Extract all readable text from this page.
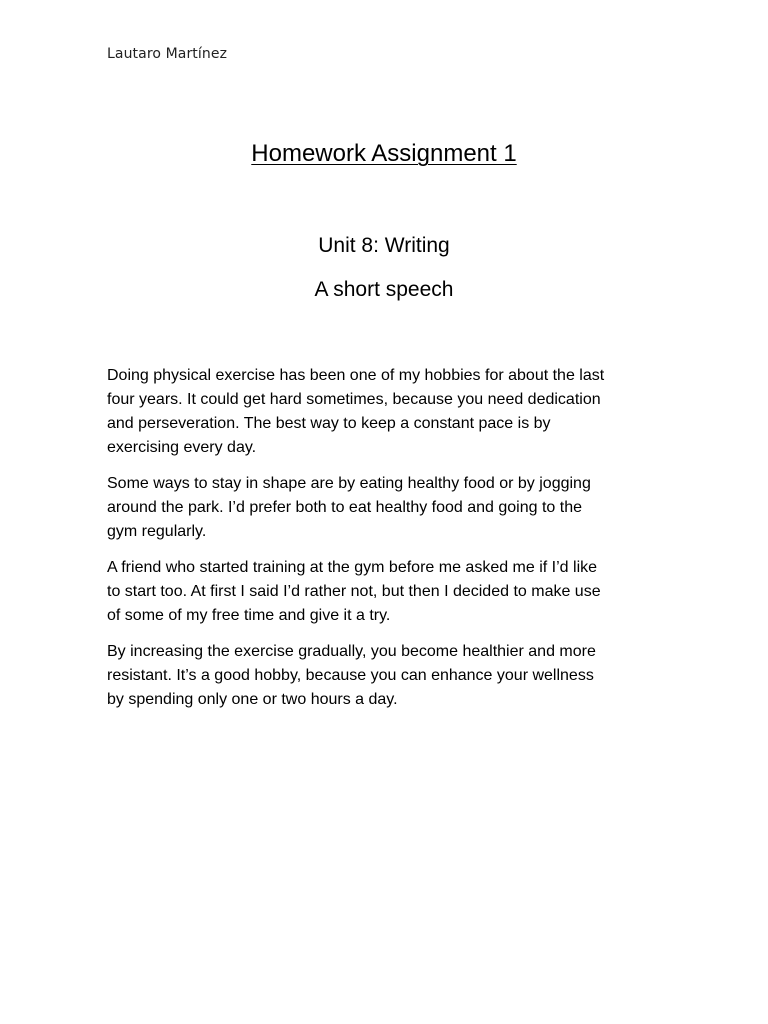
Lautaro Martínez
Homework Assignment 1
Unit 8: Writing
A short speech

Doing physical exercise has been one of my hobbies for about the last
four years. It could get hard sometimes, because you need dedication
and perseveration. The best way to keep a constant pace is by
exercising every day.

Some ways to stay in shape are by eating healthy food or by jogging
around the park. I’d prefer both to eat healthy food and going to the
gym regularly.

A friend who started training at the gym before me asked me if I’d like
to start too. At first I said I’d rather not, but then I decided to make use
of some of my free time and give it a try.

By increasing the exercise gradually, you become healthier and more
resistant. It’s a good hobby, because you can enhance your wellness
by spending only one or two hours a day.
